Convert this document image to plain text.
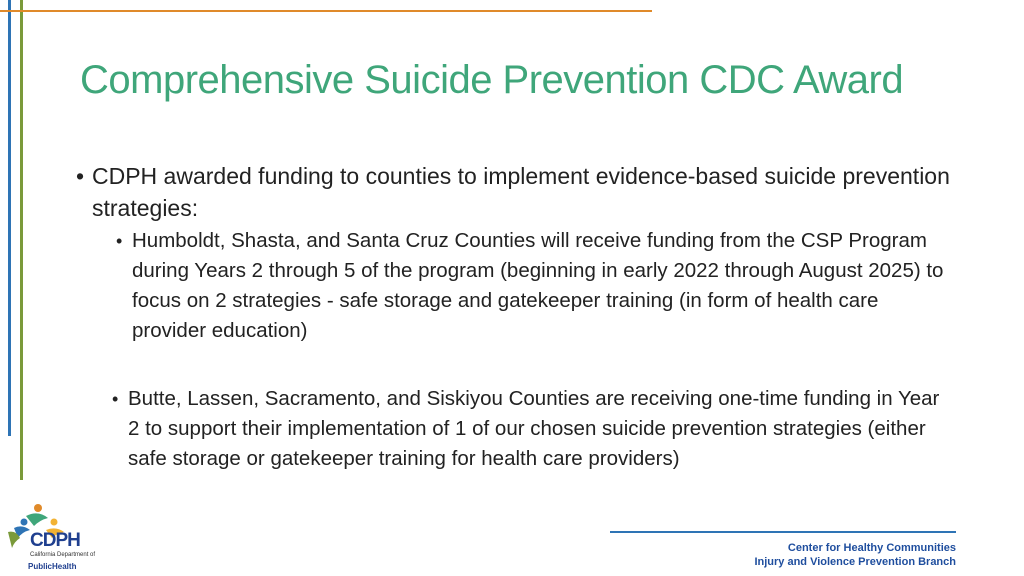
Comprehensive Suicide Prevention CDC Award
• CDPH awarded funding to counties to implement evidence-based suicide prevention strategies:
• Humboldt, Shasta, and Santa Cruz Counties will receive funding from the CSP Program during Years 2 through 5 of the program (beginning in early 2022 through August 2025) to focus on 2 strategies - safe storage and gatekeeper training (in form of health care provider education)
• Butte, Lassen, Sacramento, and Siskiyou Counties are receiving one-time funding in Year 2 to support their implementation of 1 of our chosen suicide prevention strategies (either safe storage or gatekeeper training for health care providers)
CDPH
California Department of
PublicHealth
Center for Healthy Communities
Injury and Violence Prevention Branch
